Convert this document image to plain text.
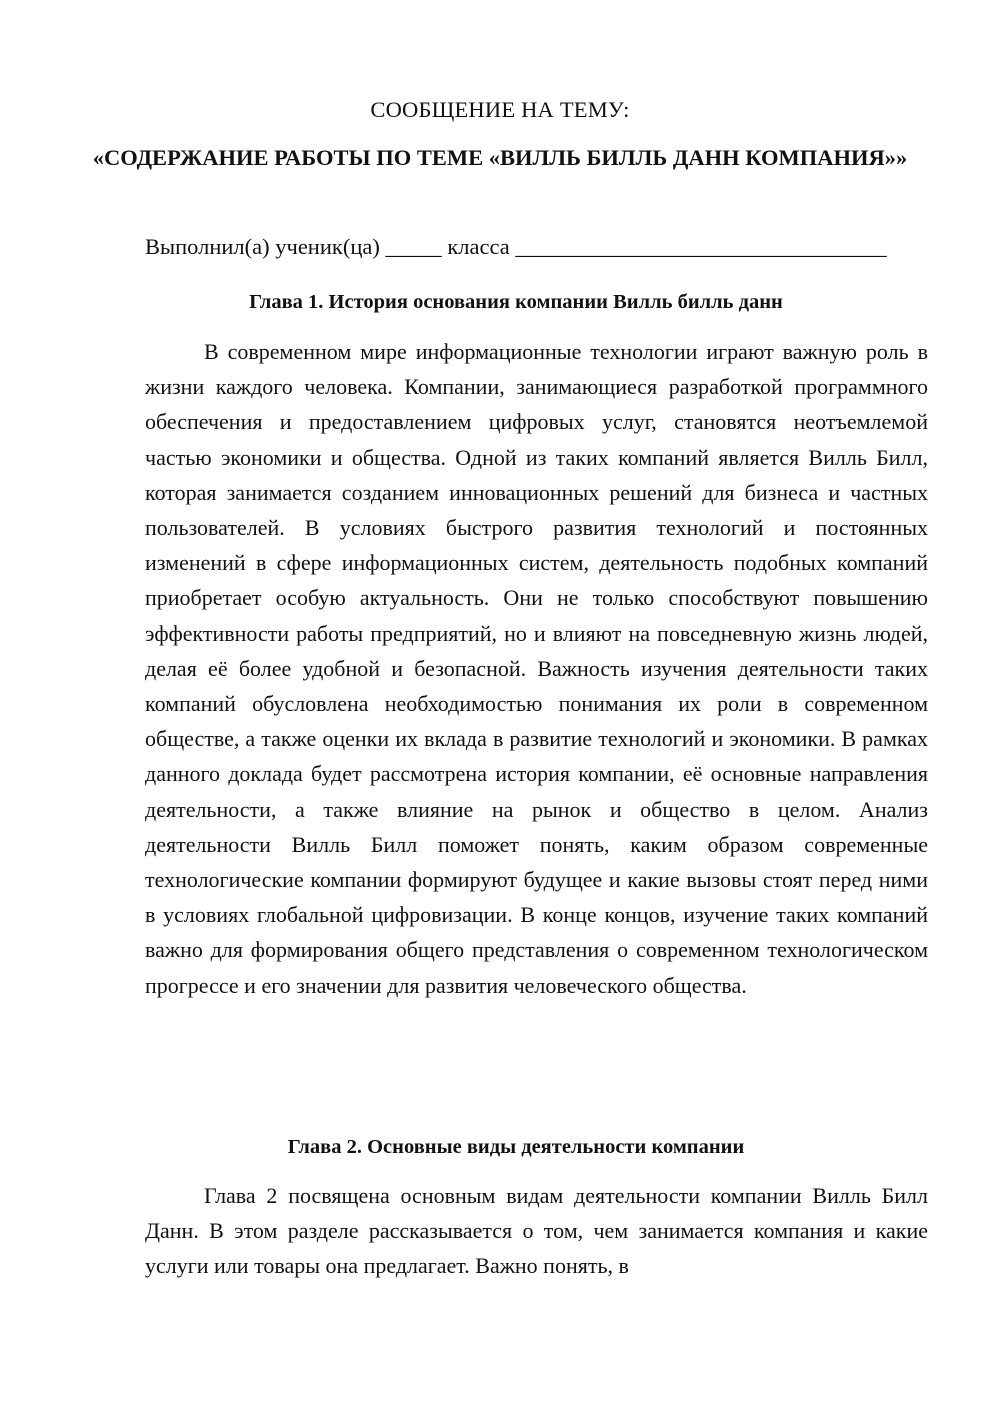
СООБЩЕНИЕ НА ТЕМУ:

«СОДЕРЖАНИЕ РАБОТЫ ПО ТЕМЕ «ВИЛЛЬ БИЛЛЬ ДАНН КОМПАНИЯ»»

Выполнил(а) ученик(ца) _____ класса _________________________________

Глава 1. История основания компании Вилль билль данн

В современном мире информационные технологии играют важную роль в жизни каждого человека. Компании, занимающиеся разработкой программного обеспечения и предоставлением цифровых услуг, становятся неотъемлемой частью экономики и общества. Одной из таких компаний является Вилль Билл, которая занимается созданием инновационных решений для бизнеса и частных пользователей. В условиях быстрого развития технологий и постоянных изменений в сфере информационных систем, деятельность подобных компаний приобретает особую актуальность. Они не только способствуют повышению эффективности работы предприятий, но и влияют на повседневную жизнь людей, делая её более удобной и безопасной. Важность изучения деятельности таких компаний обусловлена необходимостью понимания их роли в современном обществе, а также оценки их вклада в развитие технологий и экономики. В рамках данного доклада будет рассмотрена история компании, её основные направления деятельности, а также влияние на рынок и общество в целом. Анализ деятельности Вилль Билл поможет понять, каким образом современные технологические компании формируют будущее и какие вызовы стоят перед ними в условиях глобальной цифровизации. В конце концов, изучение таких компаний важно для формирования общего представления о современном технологическом прогрессе и его значении для развития человеческого общества.

Глава 2. Основные виды деятельности компании

Глава 2 посвящена основным видам деятельности компании Вилль Билл Данн. В этом разделе рассказывается о том, чем занимается компания и какие услуги или товары она предлагает. Важно понять, в
